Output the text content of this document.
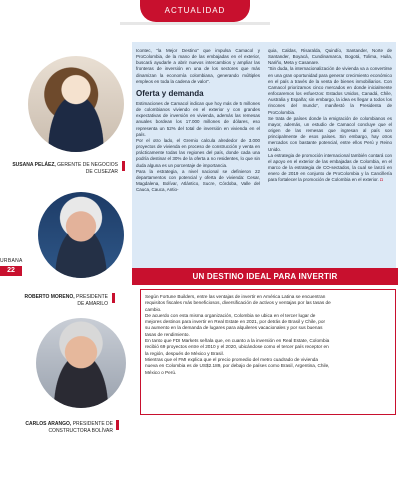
ACTUALIDAD
SUSANA PELÁEZ, GERENTE DE NEGOCIOS DE CUSEZAR
URBANA
22
ROBERTO MORENO, PRESIDENTE DE AMARILO
CARLOS ARANGO, PRESIDENTE DE CONSTRUCTORA BOLÍVAR

Icontec, “la Mejor Destino” que impulsa Camacol y ProColombia, de la mano de las embajadas en el exterior, buscará ayudarle a abrir nuevos intercambios y ampliar las fronteras de inversión en una de los sectores que más dinamizan la economía colombiana, generando múltiples empleos en toda la cadena de valor”.

Oferta y demanda

Estimaciones de Camacol indican que hoy más de 5 millones de colombianos viviendo en el exterior y con grandes expectativas de inversión en vivienda, además las remesas anuales bordean los 17.000 millones de dólares, eso representa un 52% del total de inversión en vivienda en el país.

Por el otro lado, el Gremio calcula alrededor de 3.000 proyectos de vivienda en proceso de construcción y venta en prácticamente todas las regiones del país, donde cada una podría destinar el 30% de la oferta a no residentes, lo que sin duda alguna es un porcentaje de importancia.

Para la estrategia, a nivel nacional se definieron 22 departamentos con potencial y oferta de vivienda: Cesar, Magdalena, Bolívar, Atlántico, Sucre, Córdoba, Valle del Cauca, Cauca, Antio-

quia, Caldas, Risaralda, Quindío, Santander, Norte de Santander, Boyacá, Cundinamarca, Bogotá, Tolima, Huila, Nariño, Meta y Casanare.

“Sin duda, la internacionalización de vivienda va a convertirse en una gran oportunidad para generar crecimiento económico en el país a través de la venta de bienes inmobiliarios. Con Camacol priorizamos cinco mercados en donde inicialmente enfocaremos los esfuerzos: Estados Unidos, Canadá, Chile, Australia y España; sin embargo, la idea es llegar a todos los rincones del mundo”, manifestó la Presidenta de ProColombia.

Se trata de países donde la emigración de colombianos es mayor, además, un estudio de Camacol concluye que el origen de las remesas que ingresan al país son principalmente de esos países. Sin embargo, hay otros mercados con bastante potencial, entre ellos Perú y Reino Unido.

La estrategia de promoción internacional también contará con el apoyo en el exterior de las embajadas de Colombia, en el marco de la estrategia de CO-sectados, la cual se lanzó en enero de 2019 en conjunto de ProColombia y la Cancillería para fortalecer la promoción de Colombia en el exterior. ◘

UN DESTINO IDEAL PARA INVERTIR

Según Fortune Builders, entre las ventajas de invertir en América Latina se encuentran requisitos fiscales más beneficiosos, diversificación de activos y ventajas por las tasas de cambio.

De acuerdo con esta misma organización, Colombia se ubica en el tercer lugar de mejores destinos para invertir en Real Estate en 2021, por detrás de Brasil y Chile, por su aumento en la demanda de lugares para alquileres vacacionales y por sus buenas tasas de rendimiento.

En tanto que FDI Markets señala que, en cuanto a la inversión en Real Estate, Colombia recibió 69 proyectos entre el 2010 y el 2020, ubicándose como el tercer país receptor en la región, después de México y Brasil.

Mientras que el FMI explica que el precio promedio del metro cuadrado de vivienda nueva en Colombia es de US$2.189, por debajo de países como Brasil, Argentina, Chile, México o Perú.
